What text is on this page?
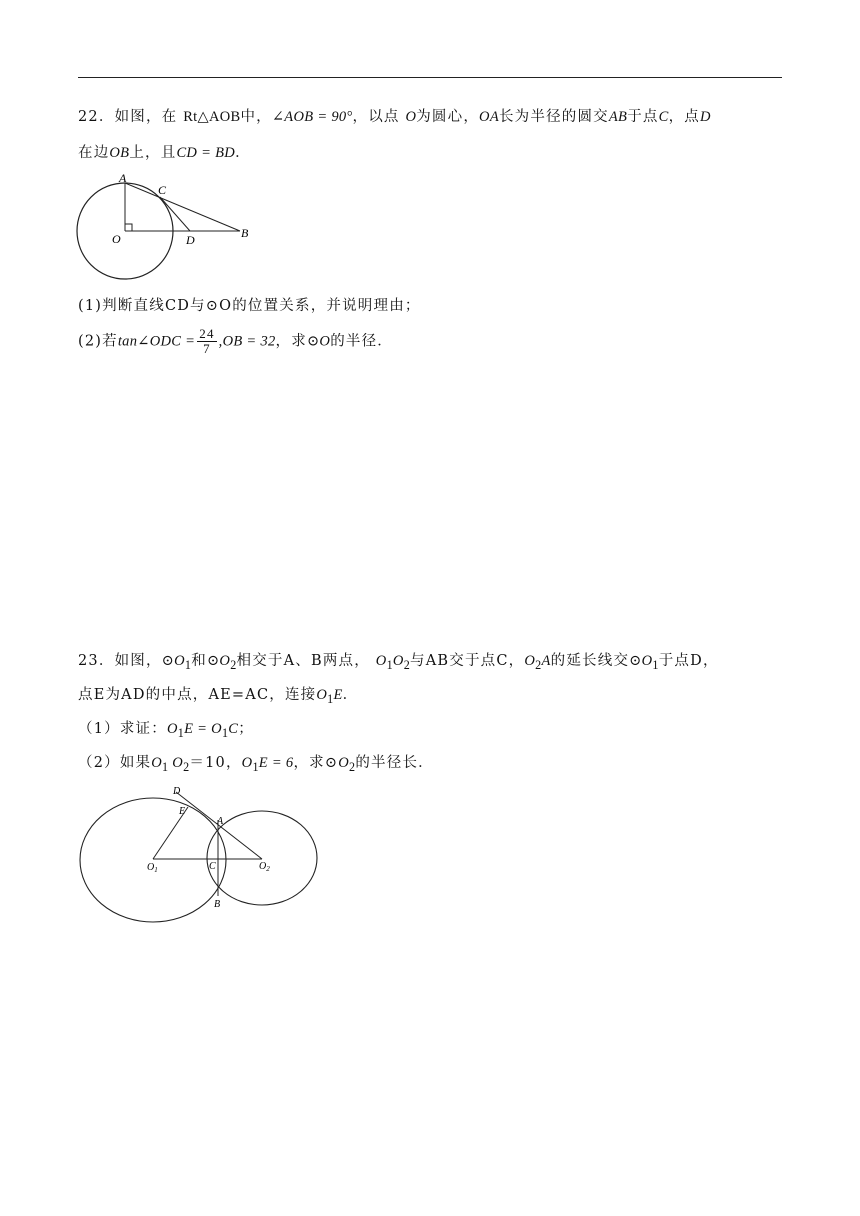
22．如图，在 Rt△AOB中，∠AOB = 90°，以点 O为圆心，OA长为半径的圆交AB于点C，点D
在边OB上，且CD = BD．
A
C
O	D	B
(1)判断直线CD与⊙O的位置关系，并说明理由；
(2)若tan∠ODC = $\frac{24}{7} ,OB = 32$，求⊙O的半径．
23．如图，$⊙O_1$和$⊙O_2$相交于A、B两点， $O_1O_2$与AB交于点C，$O_2A$的延长线交$⊙O_1$于点D，
点E为AD的中点，AE=AC，连接$O_1E$．
（1）求证：$O_1E = O_1C$；
（2）如果$O_1$ $O_2=10$，$O_1E = 6$，求$⊙O_2$的半径长．
D
E
A
$O_1$	C	$O_2$
B
